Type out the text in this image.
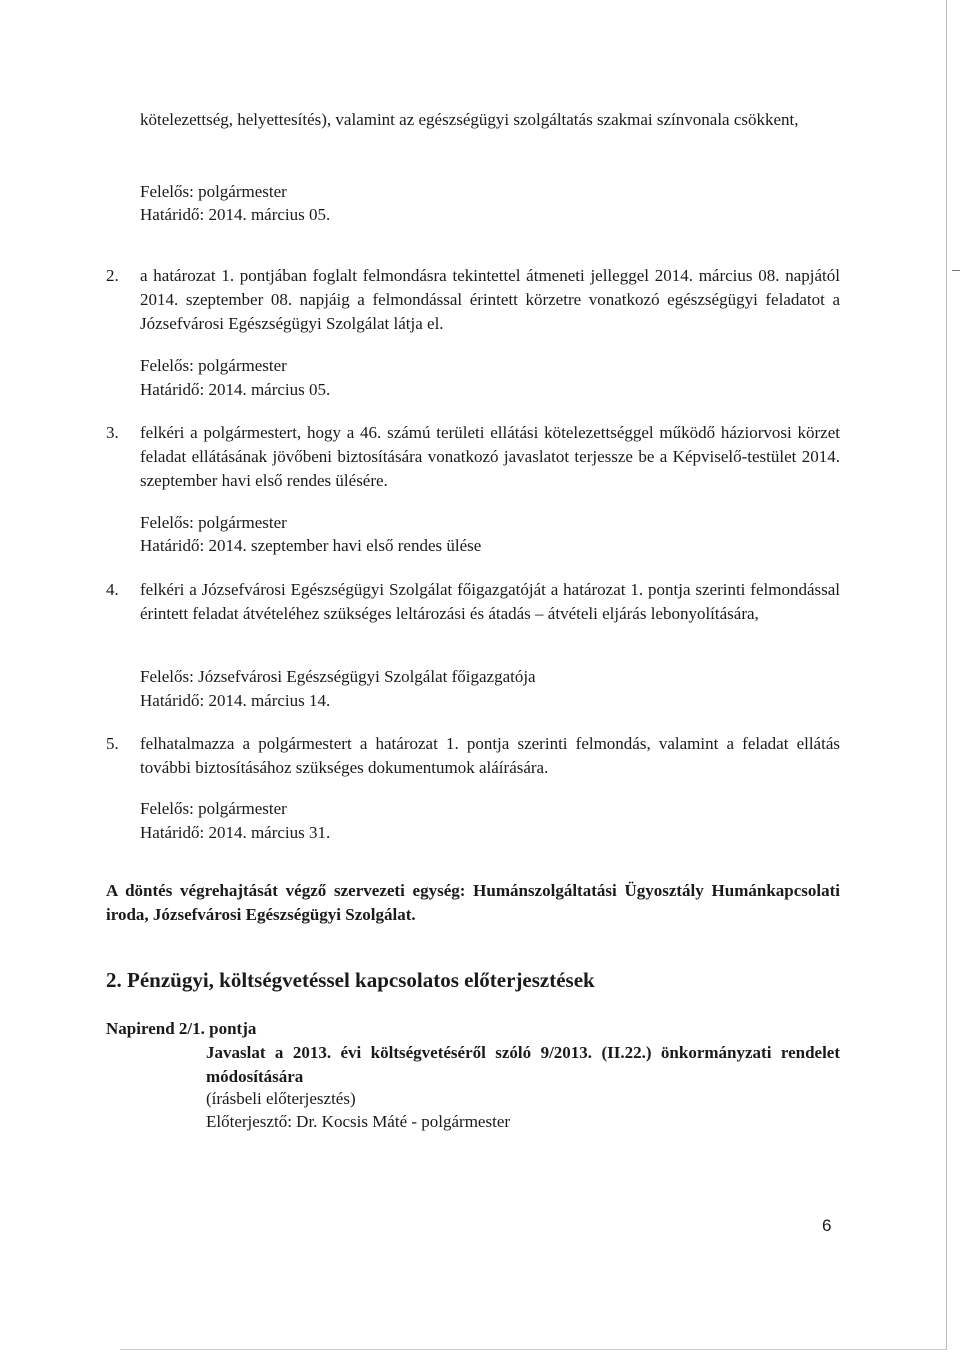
kötelezettség, helyettesítés), valamint az egészségügyi szolgáltatás szakmai színvonala csökkent,
Felelős: polgármester
Határidő: 2014. március 05.
2. a határozat 1. pontjában foglalt felmondásra tekintettel átmeneti jelleggel 2014. március 08. napjától 2014. szeptember 08. napjáig a felmondással érintett körzetre vonatkozó egészségügyi feladatot a Józsefvárosi Egészségügyi Szolgálat látja el.
Felelős: polgármester
Határidő: 2014. március 05.
3. felkéri a polgármestert, hogy a 46. számú területi ellátási kötelezettséggel működő háziorvosi körzet feladat ellátásának jövőbeni biztosítására vonatkozó javaslatot terjessze be a Képviselő-testület 2014. szeptember havi első rendes ülésére.
Felelős: polgármester
Határidő: 2014. szeptember havi első rendes ülése
4. felkéri a Józsefvárosi Egészségügyi Szolgálat főigazgatóját a határozat 1. pontja szerinti felmondással érintett feladat átvételéhez szükséges leltározási és átadás – átvételi eljárás lebonyolítására,
Felelős: Józsefvárosi Egészségügyi Szolgálat főigazgatója
Határidő: 2014. március 14.
5. felhatalmazza a polgármestert a határozat 1. pontja szerinti felmondás, valamint a feladat ellátás további biztosításához szükséges dokumentumok aláírására.
Felelős: polgármester
Határidő: 2014. március 31.
A döntés végrehajtását végző szervezeti egység: Humánszolgáltatási Ügyosztály Humánkapcsolati iroda, Józsefvárosi Egészségügyi Szolgálat.
2. Pénzügyi, költségvetéssel kapcsolatos előterjesztések
Napirend 2/1. pontja
Javaslat a 2013. évi költségvetéséről szóló 9/2013. (II.22.) önkormányzati rendelet módosítására
(írásbeli előterjesztés)
Előterjesztő: Dr. Kocsis Máté - polgármester
6
